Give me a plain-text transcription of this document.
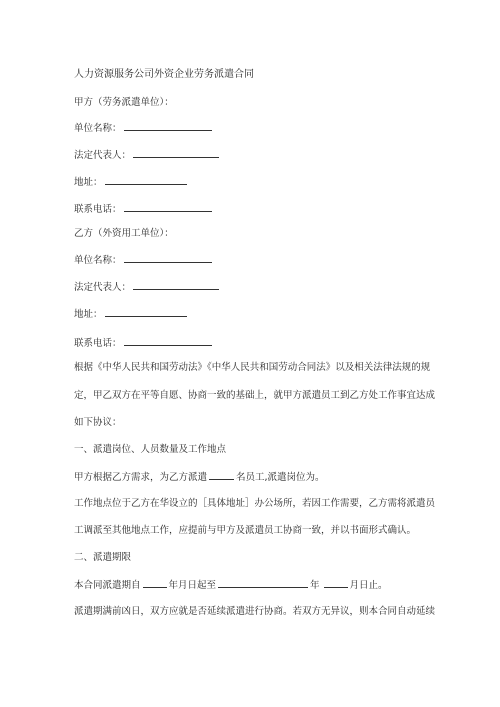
人力资源服务公司外资企业劳务派遣合同
甲方（劳务派遣单位）：
单位名称：
法定代表人：
地址：
联系电话：
乙方（外资用工单位）：
单位名称：
法定代表人：
地址：
联系电话：
根据《中华人民共和国劳动法》《中华人民共和国劳动合同法》以及相关法律法规的规
定，甲乙双方在平等自愿、协商一致的基础上，就甲方派遣员工到乙方处工作事宜达成
如下协议：
一、派遣岗位、人员数量及工作地点
甲方根据乙方需求，为乙方派遣	名员工,派遣岗位为。
工作地点位于乙方在华设立的［具体地址］办公场所，若因工作需要，乙方需将派遣员
工调派至其他地点工作，应提前与甲方及派遣员工协商一致，并以书面形式确认。
二、派遣期限
本合同派遣期自	年月日起至	年	月日止。
派遣期满前凶日，双方应就是否延续派遣进行协商。若双方无异议，则本合同自动延续
